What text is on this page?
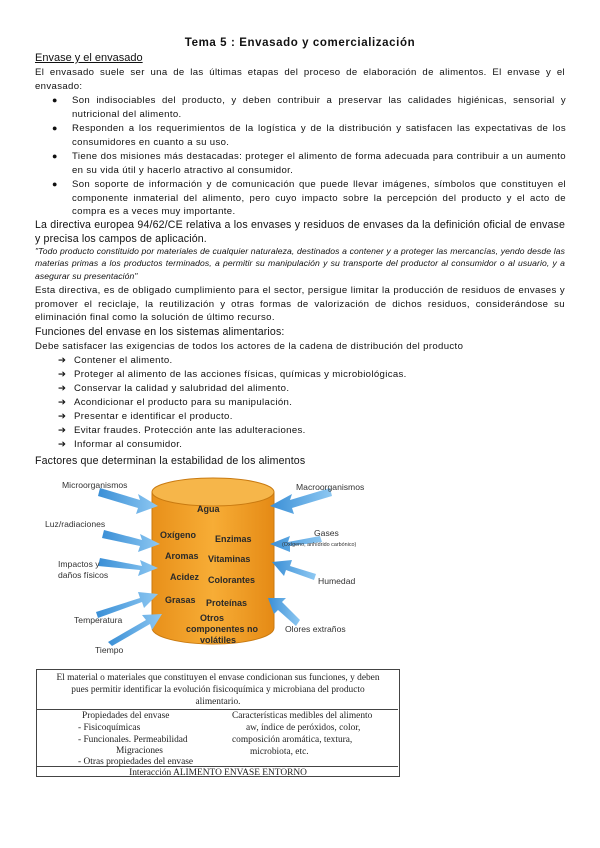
Tema 5 : Envasado y comercialización
Envase y el envasado
El envasado suele ser una de las últimas etapas del proceso de elaboración de alimentos. El envase y el envasado:
● Son indisociables del producto, y deben contribuir a preservar las calidades higiénicas, sensorial y nutricional del alimento.
● Responden a los requerimientos de la logística y de la distribución y satisfacen las expectativas de los consumidores en cuanto a su uso.
● Tiene dos misiones más destacadas: proteger el alimento de forma adecuada para contribuir a un aumento en su vida útil y hacerlo atractivo al consumidor.
● Son soporte de información y de comunicación que puede llevar imágenes, símbolos que constituyen el componente inmaterial del alimento, pero cuyo impacto sobre la percepción del producto y el acto de compra es a veces muy importante.
La directiva europea 94/62/CE relativa a los envases y residuos de envases da la definición oficial de envase y precisa los campos de aplicación.
"Todo producto constituido por materiales de cualquier naturaleza, destinados a contener y a proteger las mercancías, yendo desde las materias primas a los productos terminados, a permitir su manipulación y su transporte del productor al consumidor o al usuario, y a asegurar su presentación"
Esta directiva, es de obligado cumplimiento para el sector, persigue limitar la producción de residuos de envases y promover el reciclaje, la reutilización y otras formas de valorización de dichos residuos, considerándose su eliminación final como la solución de último recurso.
Funciones del envase en los sistemas alimentarios:
Debe satisfacer las exigencias de todos los actores de la cadena de distribución del producto
➔ Contener el alimento.
➔ Proteger al alimento de las acciones físicas, químicas y microbiológicas.
➔ Conservar la calidad y salubridad del alimento.
➔ Acondicionar el producto para su manipulación.
➔ Presentar e identificar el producto.
➔ Evitar fraudes. Protección ante las adulteraciones.
➔ Informar al consumidor.
Factores que determinan la estabilidad de los alimentos
Agua
Oxígeno Enzimas
Aromas Vitaminas
Acidez Colorantes
Grasas Proteínas
Otros
componentes no
volátiles
Microorganismos
Luz/radiaciones
Impactos y
daños físicos
Temperatura
Tiempo
Macroorganismos
Gases
(Oxígeno, anhídrido carbónico)
Humedad
Olores extraños
El material o materiales que constituyen el envase condicionan sus funciones, y deben
pues permitir identificar la evolución fisicoquímica y microbiana del producto
alimentario.
Propiedades del envase
- Fisicoquímicas
- Funcionales. Permeabilidad
Migraciones
- Otras propiedades del envase
Características medibles del alimento
aw, índice de peróxidos, color,
composición aromática, textura,
microbiota, etc.
Interacción ALIMENTO ENVASE ENTORNO
